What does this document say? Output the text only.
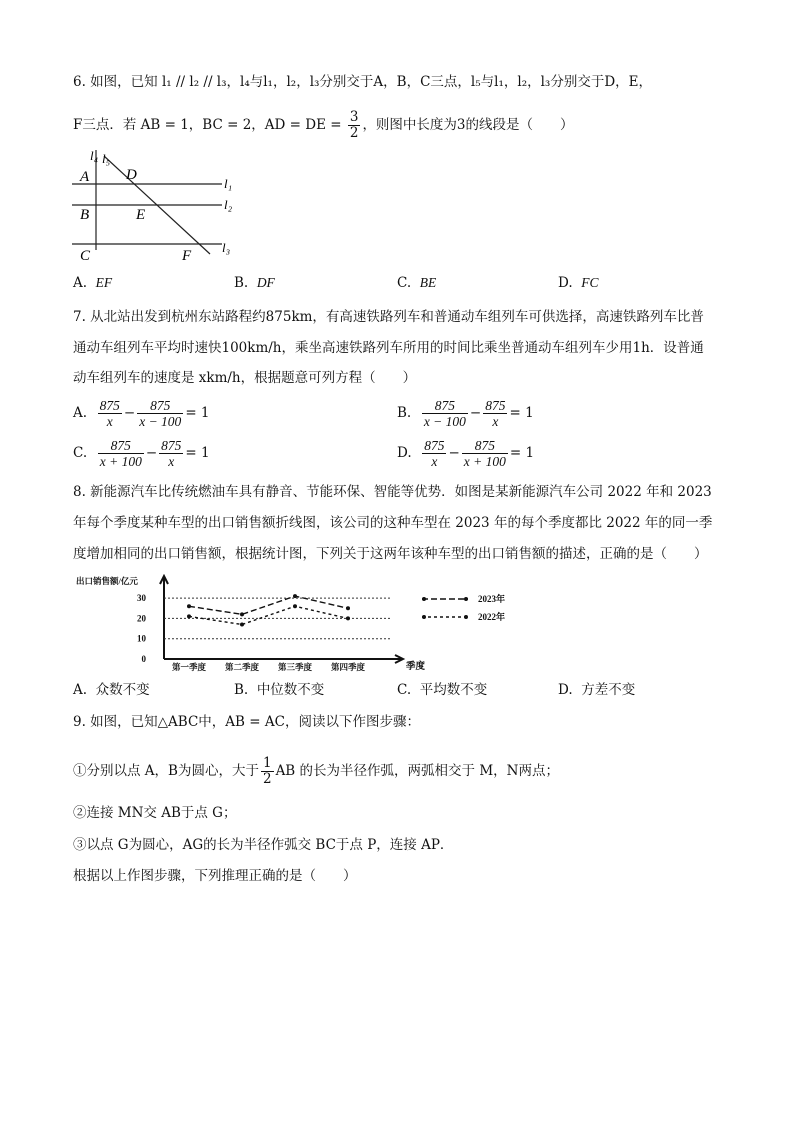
6. 如图，已知 l₁ // l₂ // l₃，l₄与l₁，l₂，l₃分别交于A，B，C三点，l₅与l₁，l₂，l₃分别交于D，E，
F三点．若 AB = 1，BC = 2，AD = DE = $\frac{3}{2}$ ，则图中长度为3的线段是（　　）
l₄ l₅
A D
l₁
B	E
l₂
C	F
l₃
A. EF	B. DF	C. BE	D. FC
7. 从北站出发到杭州东站路程约875km，有高速铁路列车和普通动车组列车可供选择，高速铁路列车比普
通动车组列车平均时速快100km/h，乘坐高速铁路列车所用的时间比乘坐普通动车组列车少用1h．设普通
动车组列车的速度是 xkm/h，根据题意可列方程（　　）
A. $\frac{875}{x} - \frac{875}{x - 100} = 1$	B. $\frac{875}{x - 100} - \frac{875}{x} = 1$
C. $\frac{875}{x + 100} - \frac{875}{x} = 1$	D. $\frac{875}{x} - \frac{875}{x + 100} = 1$
8. 新能源汽车比传统燃油车具有静音、节能环保、智能等优势．如图是某新能源汽车公司 2022 年和 2023
年每个季度某种车型的出口销售额折线图，该公司的这种车型在 2023 年的每个季度都比 2022 年的同一季
度增加相同的出口销售额，根据统计图，下列关于这两年该种车型的出口销售额的描述，正确的是（　　）
出口销售额/亿元
季度
0
10
20
30
第一季度 第二季度 第三季度 第四季度
2023年
2022年
A. 众数不变	B. 中位数不变	C. 平均数不变	D. 方差不变
9. 如图，已知△ABC中，AB = AC，阅读以下作图步骤：
①分别以点 A，B为圆心，大于 $\frac{1}{2}$ AB 的长为半径作弧，两弧相交于 M，N两点；
②连接 MN交 AB于点 G；
③以点 G为圆心，AG的长为半径作弧交 BC于点 P，连接 AP．
根据以上作图步骤，下列推理正确的是（　　）
